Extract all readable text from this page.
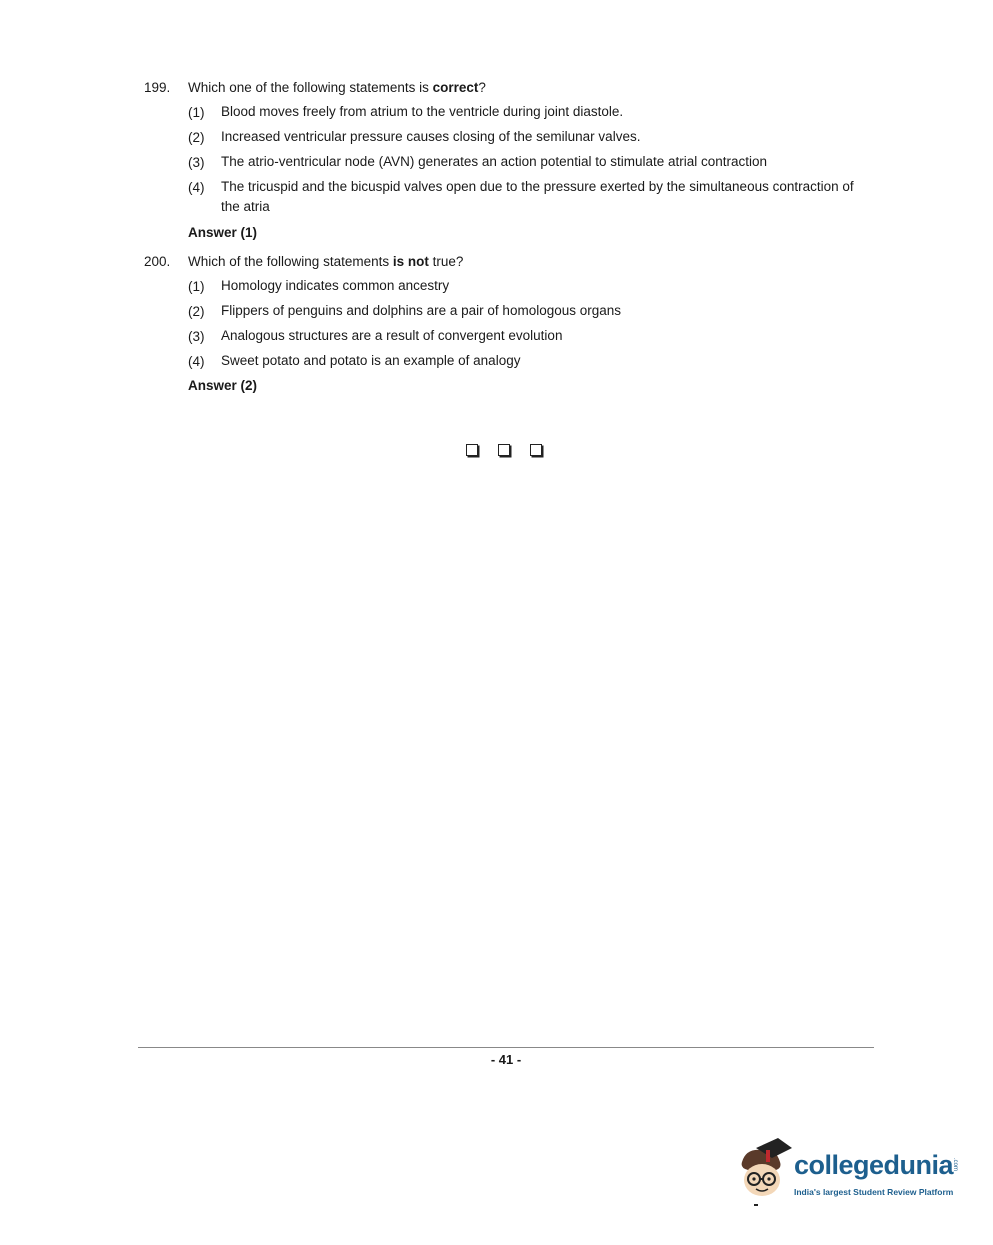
199. Which one of the following statements is correct?
(1) Blood moves freely from atrium to the ventricle during joint diastole.
(2) Increased ventricular pressure causes closing of the semilunar valves.
(3) The atrio-ventricular node (AVN) generates an action potential to stimulate atrial contraction
(4) The tricuspid and the bicuspid valves open due to the pressure exerted by the simultaneous contraction of the atria
Answer (1)
200. Which of the following statements is not true?
(1) Homology indicates common ancestry
(2) Flippers of penguins and dolphins are a pair of homologous organs
(3) Analogous structures are a result of convergent evolution
(4) Sweet potato and potato is an example of analogy
Answer (2)
- 41 -
collegedunia
.com
India's largest Student Review Platform
